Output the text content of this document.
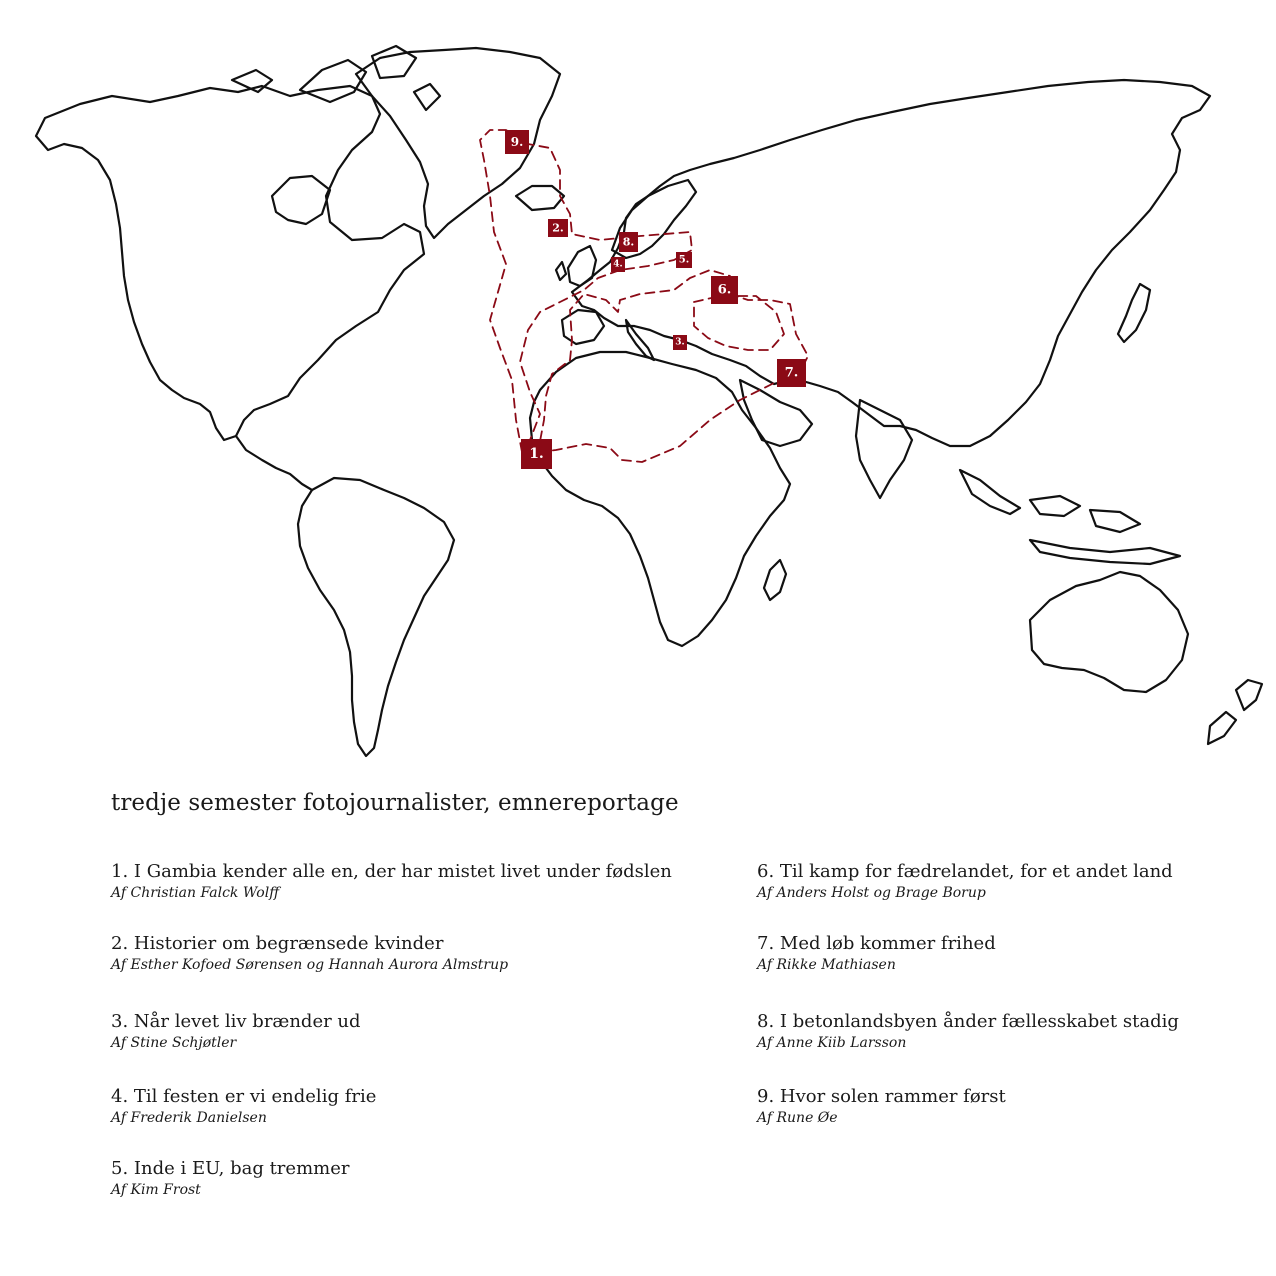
1.
2.
3.
4.	5.
6.
7.
8.
9.
tredje semester fotojournalister, emnereportage
1. I Gambia kender alle en, der har mistet livet under fødslen
Af Christian Falck Wolff
2. Historier om begrænsede kvinder
Af Esther Kofoed Sørensen og Hannah Aurora Almstrup
3. Når levet liv brænder ud
Af Stine Schjøtler
4. Til festen er vi endelig frie
Af Frederik Danielsen
5. Inde i EU, bag tremmer
Af Kim Frost
6. Til kamp for fædrelandet, for et andet land
Af Anders Holst og Brage Borup
7. Med løb kommer frihed
Af Rikke Mathiasen
8. I betonlandsbyen ånder fællesskabet stadig
Af Anne Kiib Larsson
9. Hvor solen rammer først
Af Rune Øe
